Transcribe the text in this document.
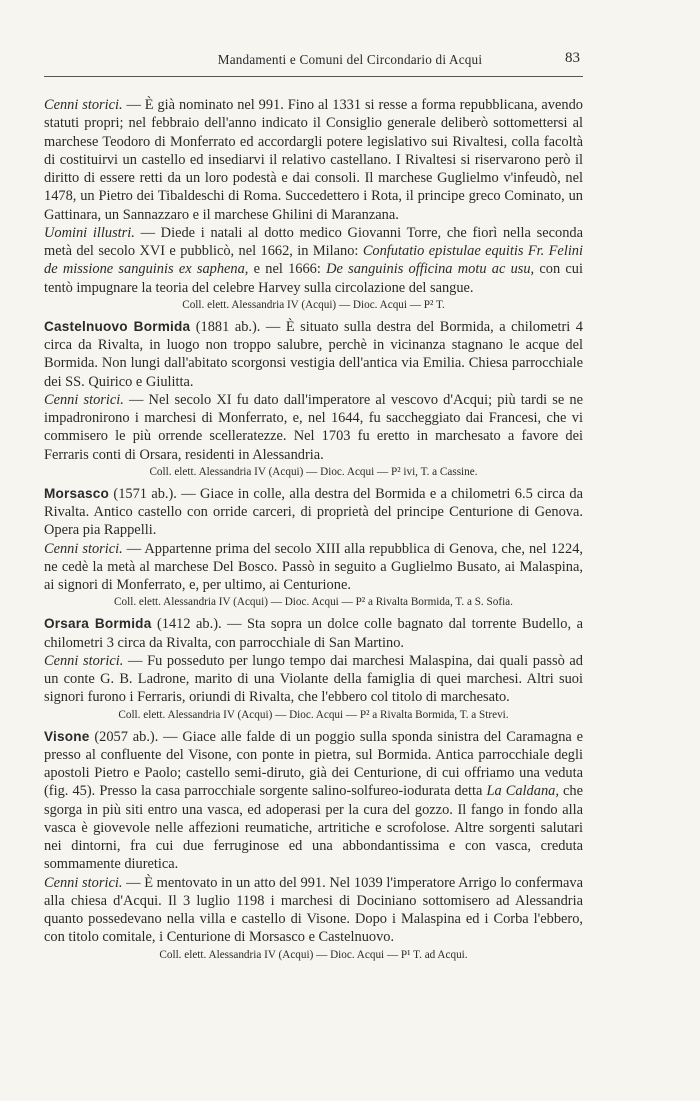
Mandamenti e Comuni del Circondario di Acqui	83

Cenni storici. — È già nominato nel 991. Fino al 1331 si resse a forma repubblicana, avendo statuti propri; nel febbraio dell'anno indicato il Consiglio generale deliberò sottomettersi al marchese Teodoro di Monferrato ed accordargli potere legislativo sui Rivaltesi, colla facoltà di costituirvi un castello ed insediarvi il relativo castellano. I Rivaltesi si riservarono però il diritto di essere retti da un loro podestà e dai consoli. Il marchese Guglielmo v'infeudò, nel 1478, un Pietro dei Tibaldeschi di Roma. Succedettero i Rota, il principe greco Cominato, un Gattinara, un Sannazzaro e il marchese Ghilini di Maranzana.

Uomini illustri. — Diede i natali al dotto medico Giovanni Torre, che fiorì nella seconda metà del secolo XVI e pubblicò, nel 1662, in Milano: Confutatio epistulae equitis Fr. Felini de missione sanguinis ex saphena, e nel 1666: De sanguinis officina motu ac usu, con cui tentò impugnare la teoria del celebre Harvey sulla circolazione del sangue.

Coll. elett. Alessandria IV (Acqui) — Dioc. Acqui — P² T.

Castelnuovo Bormida (1881 ab.). — È situato sulla destra del Bormida, a chilometri 4 circa da Rivalta, in luogo non troppo salubre, perchè in vicinanza stagnano le acque del Bormida. Non lungi dall'abitato scorgonsi vestigia dell'antica via Emilia. Chiesa parrocchiale dei SS. Quirico e Giulitta.

Cenni storici. — Nel secolo XI fu dato dall'imperatore al vescovo d'Acqui; più tardi se ne impadronirono i marchesi di Monferrato, e, nel 1644, fu saccheggiato dai Francesi, che vi commisero le più orrende scelleratezze. Nel 1703 fu eretto in marchesato a favore dei Ferraris conti di Orsara, residenti in Alessandria.

Coll. elett. Alessandria IV (Acqui) — Dioc. Acqui — P² ivi, T. a Cassine.

Morsasco (1571 ab.). — Giace in colle, alla destra del Bormida e a chilometri 6.5 circa da Rivalta. Antico castello con orride carceri, di proprietà del principe Centurione di Genova. Opera pia Rappelli.

Cenni storici. — Appartenne prima del secolo XIII alla repubblica di Genova, che, nel 1224, ne cedè la metà al marchese Del Bosco. Passò in seguito a Guglielmo Busato, ai Malaspina, ai signori di Monferrato, e, per ultimo, ai Centurione.

Coll. elett. Alessandria IV (Acqui) — Dioc. Acqui — P² a Rivalta Bormida, T. a S. Sofia.

Orsara Bormida (1412 ab.). — Sta sopra un dolce colle bagnato dal torrente Budello, a chilometri 3 circa da Rivalta, con parrocchiale di San Martino.

Cenni storici. — Fu posseduto per lungo tempo dai marchesi Malaspina, dai quali passò ad un conte G. B. Ladrone, marito di una Violante della famiglia di quei marchesi. Altri suoi signori furono i Ferraris, oriundi di Rivalta, che l'ebbero col titolo di marchesato.

Coll. elett. Alessandria IV (Acqui) — Dioc. Acqui — P² a Rivalta Bormida, T. a Strevi.

Visone (2057 ab.). — Giace alle falde di un poggio sulla sponda sinistra del Caramagna e presso al confluente del Visone, con ponte in pietra, sul Bormida. Antica parrocchiale degli apostoli Pietro e Paolo; castello semi-diruto, già dei Centurione, di cui offriamo una veduta (fig. 45). Presso la casa parrocchiale sorgente salino-solfureo-iodurata detta La Caldana, che sgorga in più siti entro una vasca, ed adoperasi per la cura del gozzo. Il fango in fondo alla vasca è giovevole nelle affezioni reumatiche, artritiche e scrofolose. Altre sorgenti salutari nei dintorni, fra cui due ferruginose ed una abbondantissima e con vasca, creduta sommamente diuretica.

Cenni storici. — È mentovato in un atto del 991. Nel 1039 l'imperatore Arrigo lo confermava alla chiesa d'Acqui. Il 3 luglio 1198 i marchesi di Dociniano sottomisero ad Alessandria quanto possedevano nella villa e castello di Visone. Dopo i Malaspina ed i Corba l'ebbero, con titolo comitale, i Centurione di Morsasco e Castelnuovo.

Coll. elett. Alessandria IV (Acqui) — Dioc. Acqui — P¹ T. ad Acqui.
